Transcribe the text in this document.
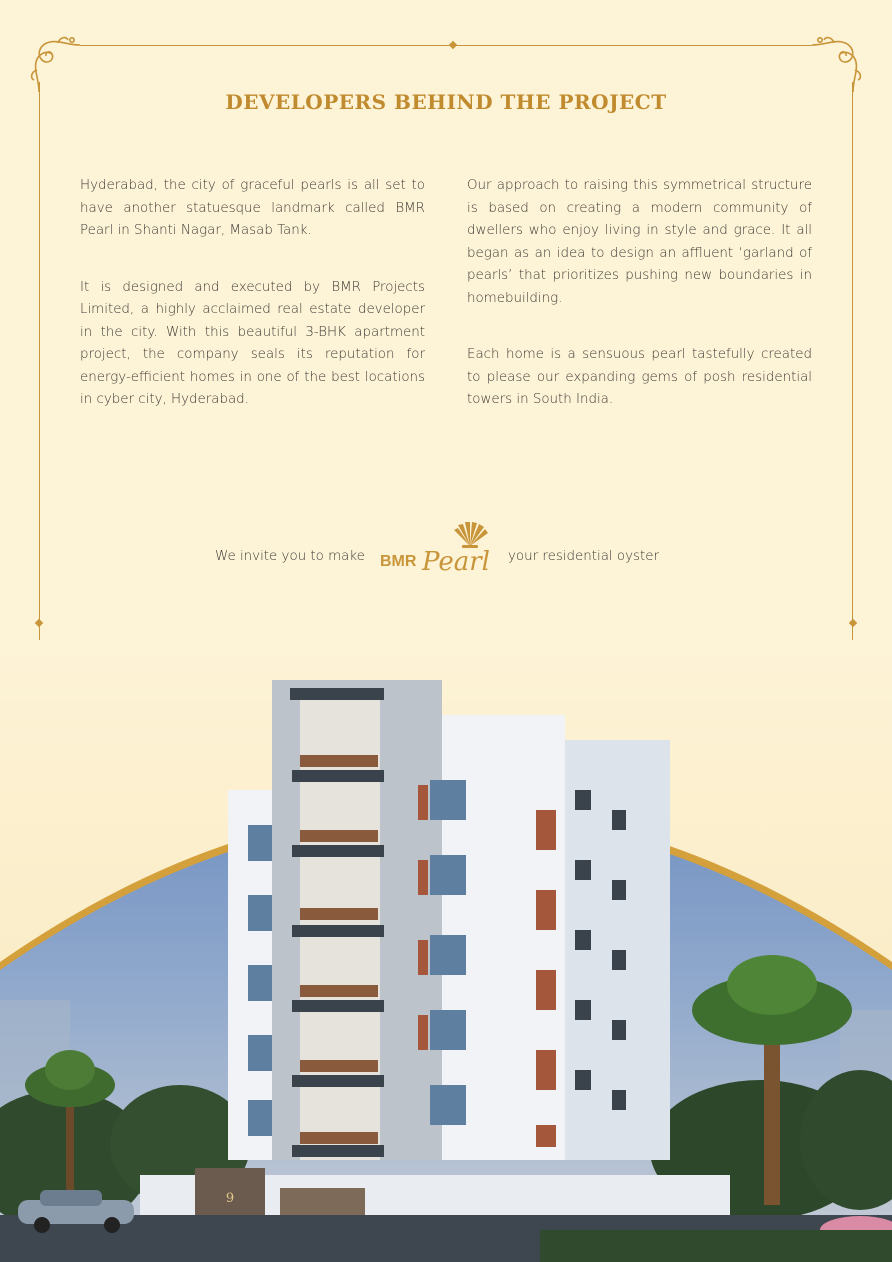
DEVELOPERS BEHIND THE PROJECT

Hyderabad, the city of graceful pearls is all set to have another statuesque landmark called BMR Pearl in Shanti Nagar, Masab Tank.

It is designed and executed by BMR Projects Limited, a highly acclaimed real estate developer in the city. With this beautiful 3-BHK apartment project, the company seals its reputation for energy-efficient homes in one of the best locations in cyber city, Hyderabad.

Our approach to raising this symmetrical structure is based on creating a modern community of dwellers who enjoy living in style and grace. It all began as an idea to design an affluent ‘garland of pearls’ that prioritizes pushing new boundaries in homebuilding.

Each home is a sensuous pearl tastefully created to please our expanding gems of posh residential towers in South India.

We invite you to make BMR Pearl your residential oyster
9
